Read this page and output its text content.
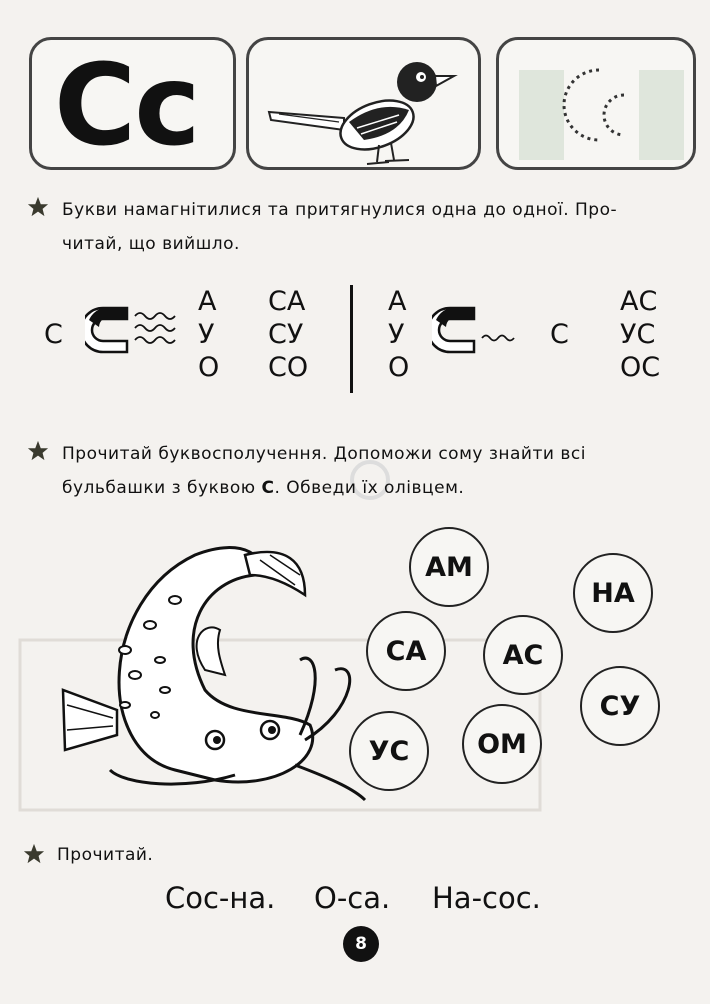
Cc
Букви намагнітилися та притягнулися одна до одної. Про-
читай, що вийшло.
С
А
У
О
СА
СУ
СО
А
У
О
С
АС
УС
ОС
Прочитай буквосполучення. Допоможи сому знайти всі
бульбашки з буквою С. Обведи їх олівцем.
АМ
НА
СА	АС
СУ
УС	ОМ
Прочитай.
Сос-на. О-са. На-сос.
8
